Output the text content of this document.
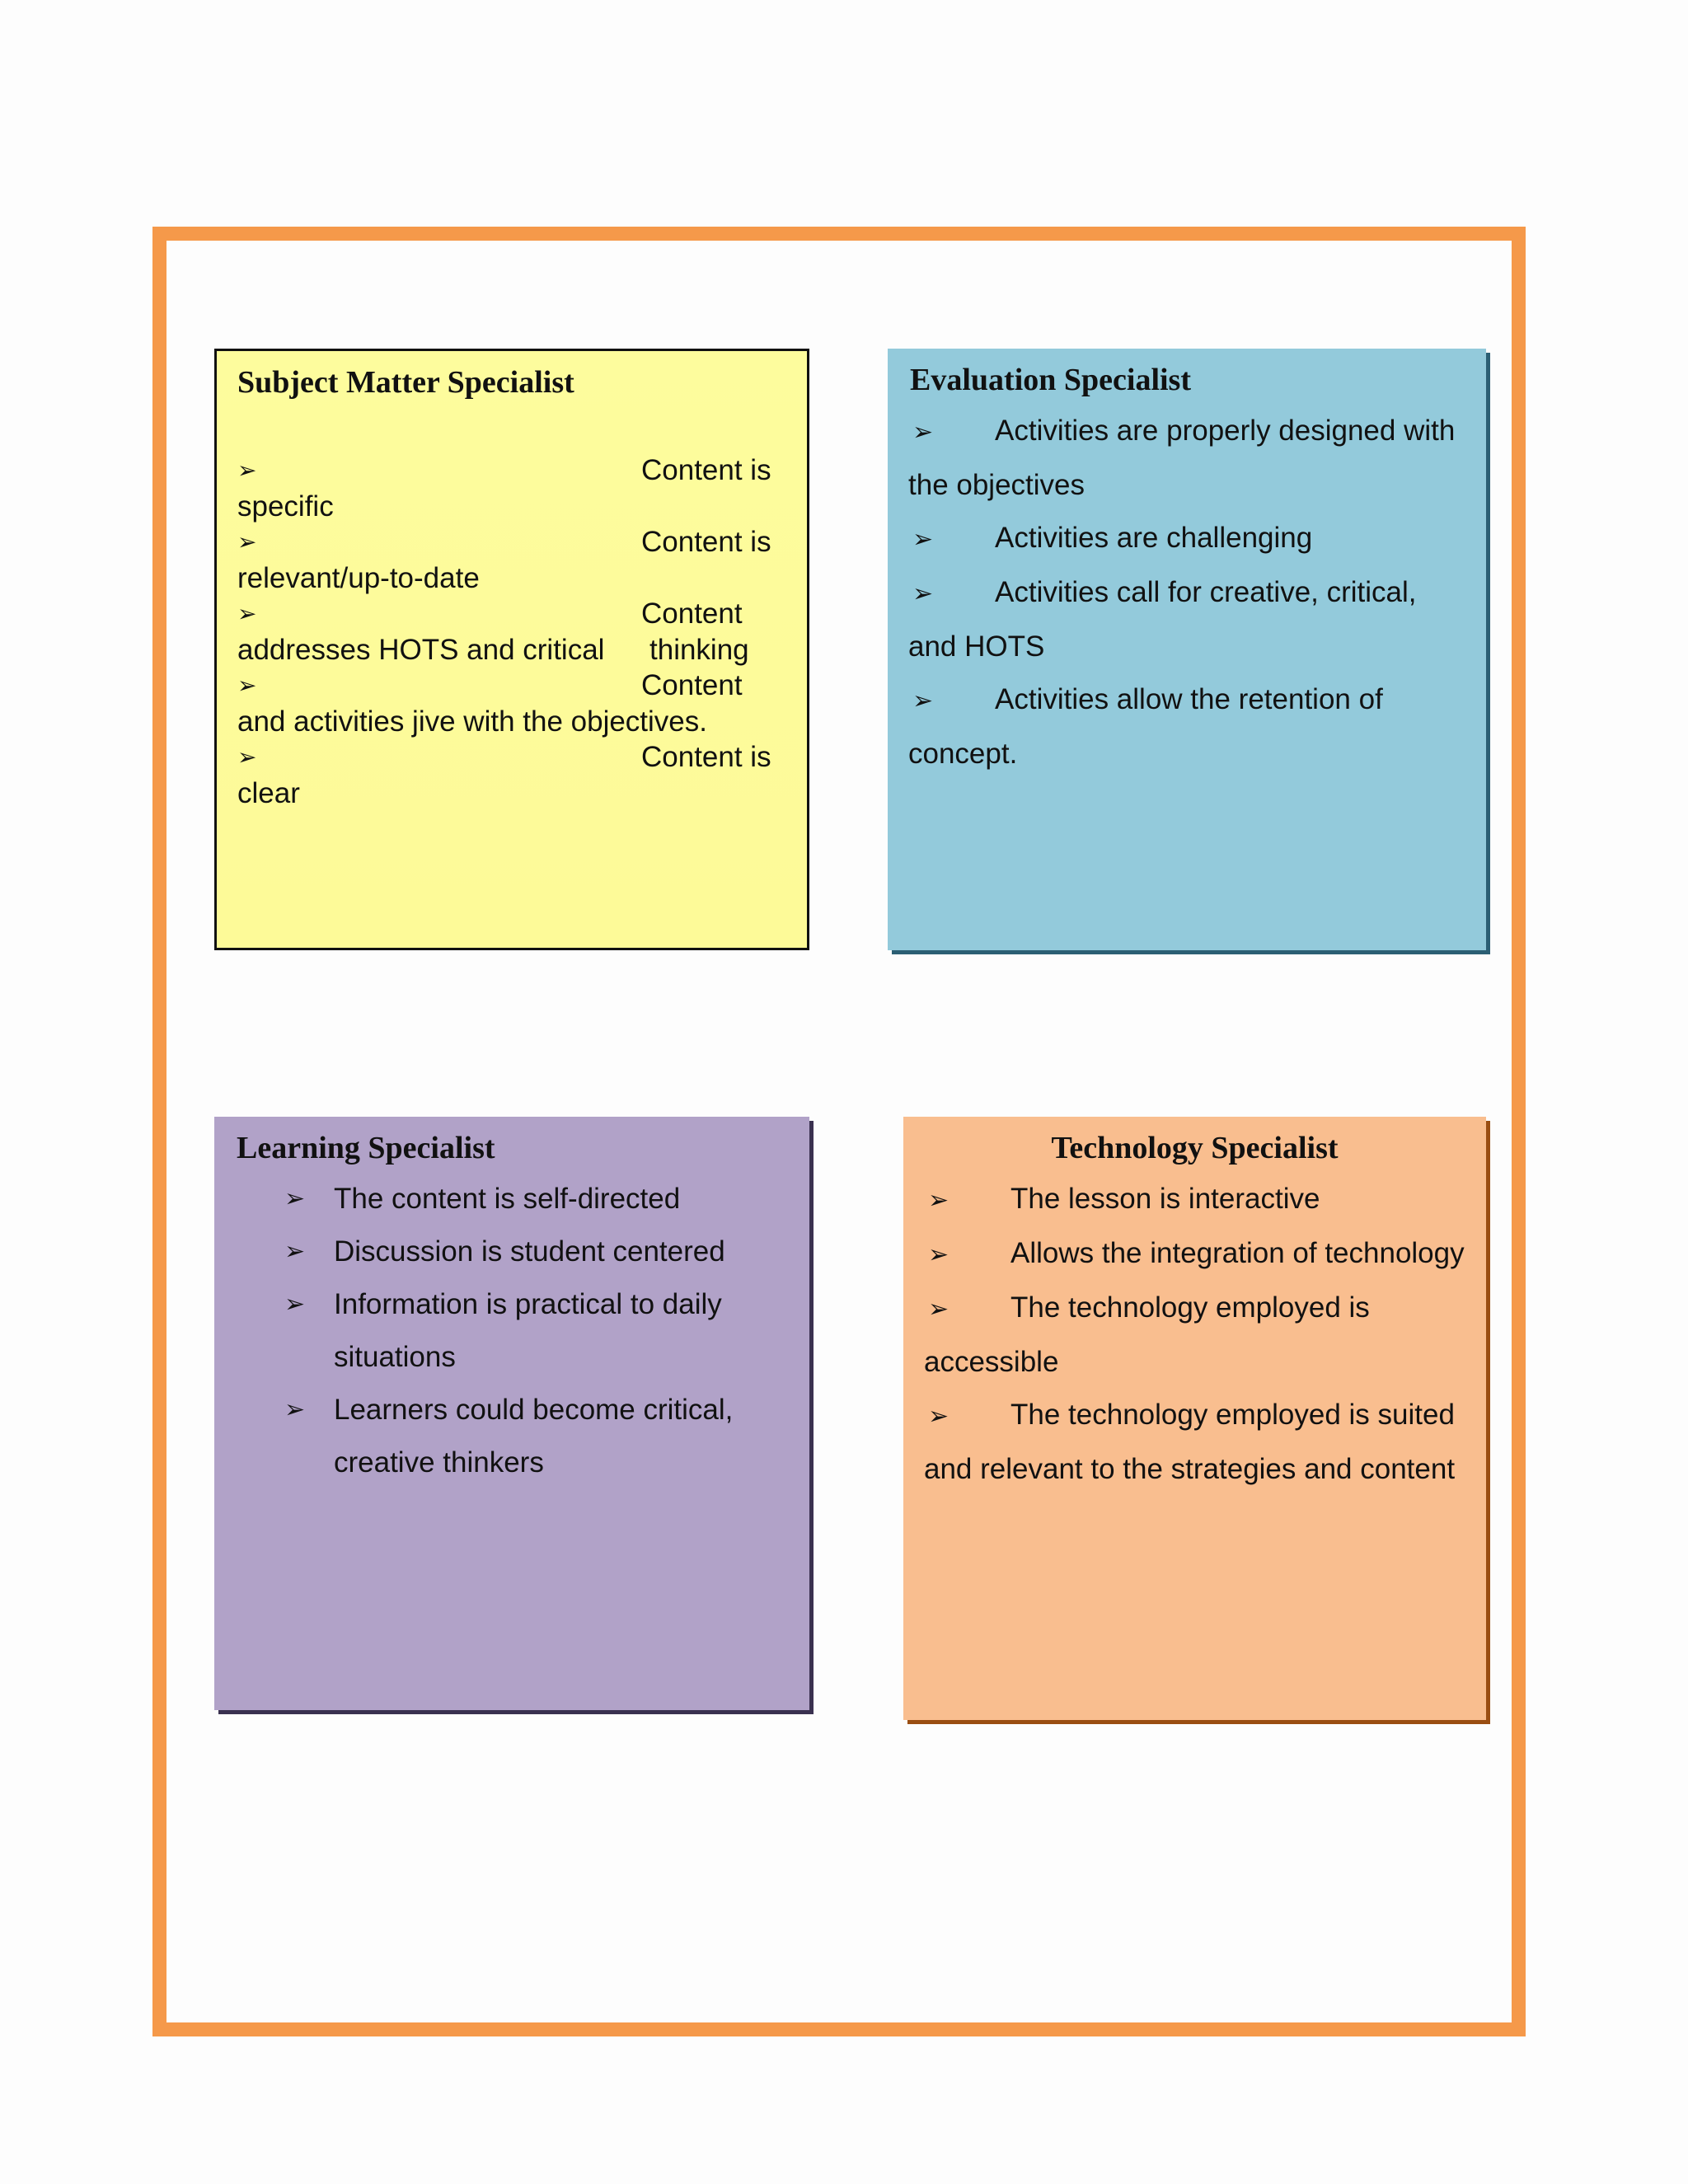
Subject Matter Specialist
➢	Content is
specific
➢	Content is
relevant/up-to-date
➢	Content
addresses HOTS and critical thinking
➢	Content
and activities jive with the objectives.
➢	Content is
clear
Evaluation Specialist
➢ Activities are properly designed with the objectives
➢ Activities are challenging
➢ Activities call for creative, critical, and HOTS
➢ Activities allow the retention of concept.
Learning Specialist
➢ The content is self-directed
➢ Discussion is student centered
➢ Information is practical to daily situations
➢ Learners could become critical, creative thinkers
Technology Specialist
➢ The lesson is interactive
➢ Allows the integration of technology
➢ The technology employed is accessible
➢ The technology employed is suited and relevant to the strategies and content
